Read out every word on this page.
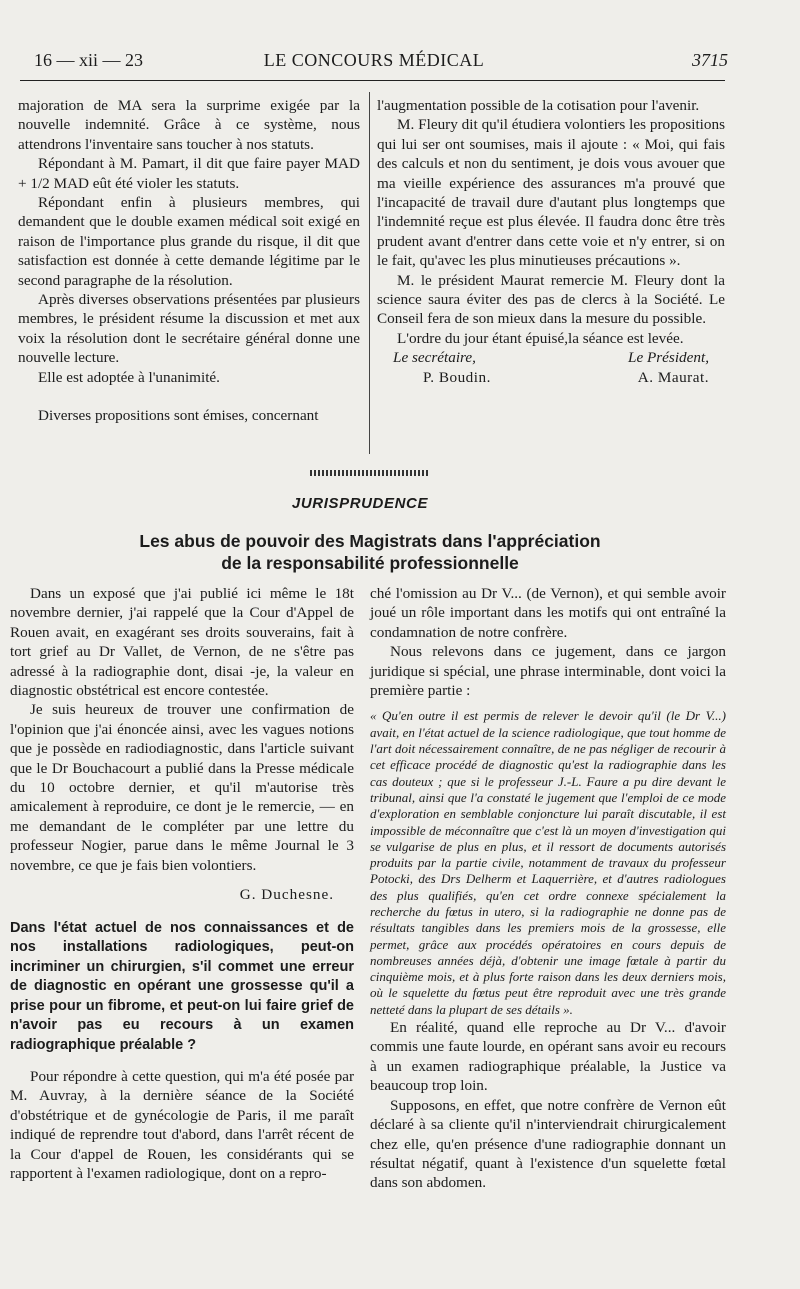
16 — xii — 23	LE CONCOURS MÉDICAL	3715

majoration de MA sera la surprime exigée par la nouvelle indemnité. Grâce à ce système, nous attendrons l'inventaire sans toucher à nos statuts.

Répondant à M. Pamart, il dit que faire payer MAD + 1/2 MAD eût été violer les statuts.

Répondant enfin à plusieurs membres, qui demandent que le double examen médical soit exigé en raison de l'importance plus grande du risque, il dit que satisfaction est donnée à cette demande légitime par le second paragraphe de la résolution.

Après diverses observations présentées par plusieurs membres, le président résume la discussion et met aux voix la résolution dont le secrétaire général donne une nouvelle lecture.

Elle est adoptée à l'unanimité.

Diverses propositions sont émises, concernant

l'augmentation possible de la cotisation pour l'avenir.

M. Fleury dit qu'il étudiera volontiers les propositions qui lui ser ont soumises, mais il ajoute : « Moi, qui fais des calculs et non du sentiment, je dois vous avouer que ma vieille expérience des assurances m'a prouvé que l'incapacité de travail dure d'autant plus longtemps que l'indemnité reçue est plus élevée. Il faudra donc être très prudent avant d'entrer dans cette voie et n'y entrer, si on le fait, qu'avec les plus minutieuses précautions ».

M. le président Maurat remercie M. Fleury dont la science saura éviter des pas de clercs à la Société. Le Conseil fera de son mieux dans la mesure du possible.

L'ordre du jour étant épuisé,la séance est levée.

Le secrétaire,	Le Président,
P. Boudin.	A. Maurat.
JURISPRUDENCE
Les abus de pouvoir des Magistrats dans l'appréciation
de la responsabilité professionnelle

Dans un exposé que j'ai publié ici même le 18t novembre dernier, j'ai rappelé que la Cour d'Appel de Rouen avait, en exagérant ses droits souverains, fait à tort grief au Dr Vallet, de Vernon, de ne s'être pas adressé à la radiographie dont, disai -je, la valeur en diagnostic obstétrical est encore contestée.

Je suis heureux de trouver une confirmation de l'opinion que j'ai énoncée ainsi, avec les vagues notions que je possède en radiodiagnostic, dans l'article suivant que le Dr Bouchacourt a publié dans la Presse médicale du 10 octobre dernier, et qu'il m'autorise très amicalement à reproduire, ce dont je le remercie, — en me demandant de le compléter par une lettre du professeur Nogier, parue dans le même Journal le 3 novembre, ce que je fais bien volontiers.

G. Duchesne.

Dans l'état actuel de nos connaissances et de nos installations radiologiques, peut-on incriminer un chirurgien, s'il commet une erreur de diagnostic en opérant une grossesse qu'il a prise pour un fibrome, et peut-on lui faire grief de n'avoir pas eu recours à un examen radiographique préalable ?

Pour répondre à cette question, qui m'a été posée par M. Auvray, à la dernière séance de la Société d'obstétrique et de gynécologie de Paris, il me paraît indiqué de reprendre tout d'abord, dans l'arrêt récent de la Cour d'appel de Rouen, les considérants qui se rapportent à l'examen radiologique, dont on a repro-

ché l'omission au Dr V... (de Vernon), et qui semble avoir joué un rôle important dans les motifs qui ont entraîné la condamnation de notre confrère.

Nous relevons dans ce jugement, dans ce jargon juridique si spécial, une phrase interminable, dont voici la première partie :

« Qu'en outre il est permis de relever le devoir qu'il (le Dr V...) avait, en l'état actuel de la science radiologique, que tout homme de l'art doit nécessairement connaître, de ne pas négliger de recourir à cet efficace procédé de diagnostic qu'est la radiographie dans les cas douteux ; que si le professeur J.-L. Faure a pu dire devant le tribunal, ainsi que l'a constaté le jugement que l'emploi de ce mode d'exploration en semblable conjoncture lui paraît discutable, il est impossible de méconnaître que c'est là un moyen d'investigation qui se vulgarise de plus en plus, et il ressort de documents autorisés produits par la partie civile, notamment de travaux du professeur Potocki, des Drs Delherm et Laquerrière, et d'autres radiologues des plus qualifiés, qu'en cet ordre connexe spécialement la recherche du fœtus in utero, si la radiographie ne donne pas de résultats tangibles dans les premiers mois de la grossesse, elle permet, grâce aux procédés opératoires en cours depuis de nombreuses années déjà, d'obtenir une image fœtale à partir du cinquième mois, et à plus forte raison dans les deux derniers mois, où le squelette du fœtus peut être reproduit avec une très grande netteté dans la plupart de ses détails ».

En réalité, quand elle reproche au Dr V... d'avoir commis une faute lourde, en opérant sans avoir eu recours à un examen radiographique préalable, la Justice va beaucoup trop loin.

Supposons, en effet, que notre confrère de Vernon eût déclaré à sa cliente qu'il n'interviendrait chirurgicalement chez elle, qu'en présence d'une radiographie donnant un résultat négatif, quant à l'existence d'un squelette fœtal dans son abdomen.
